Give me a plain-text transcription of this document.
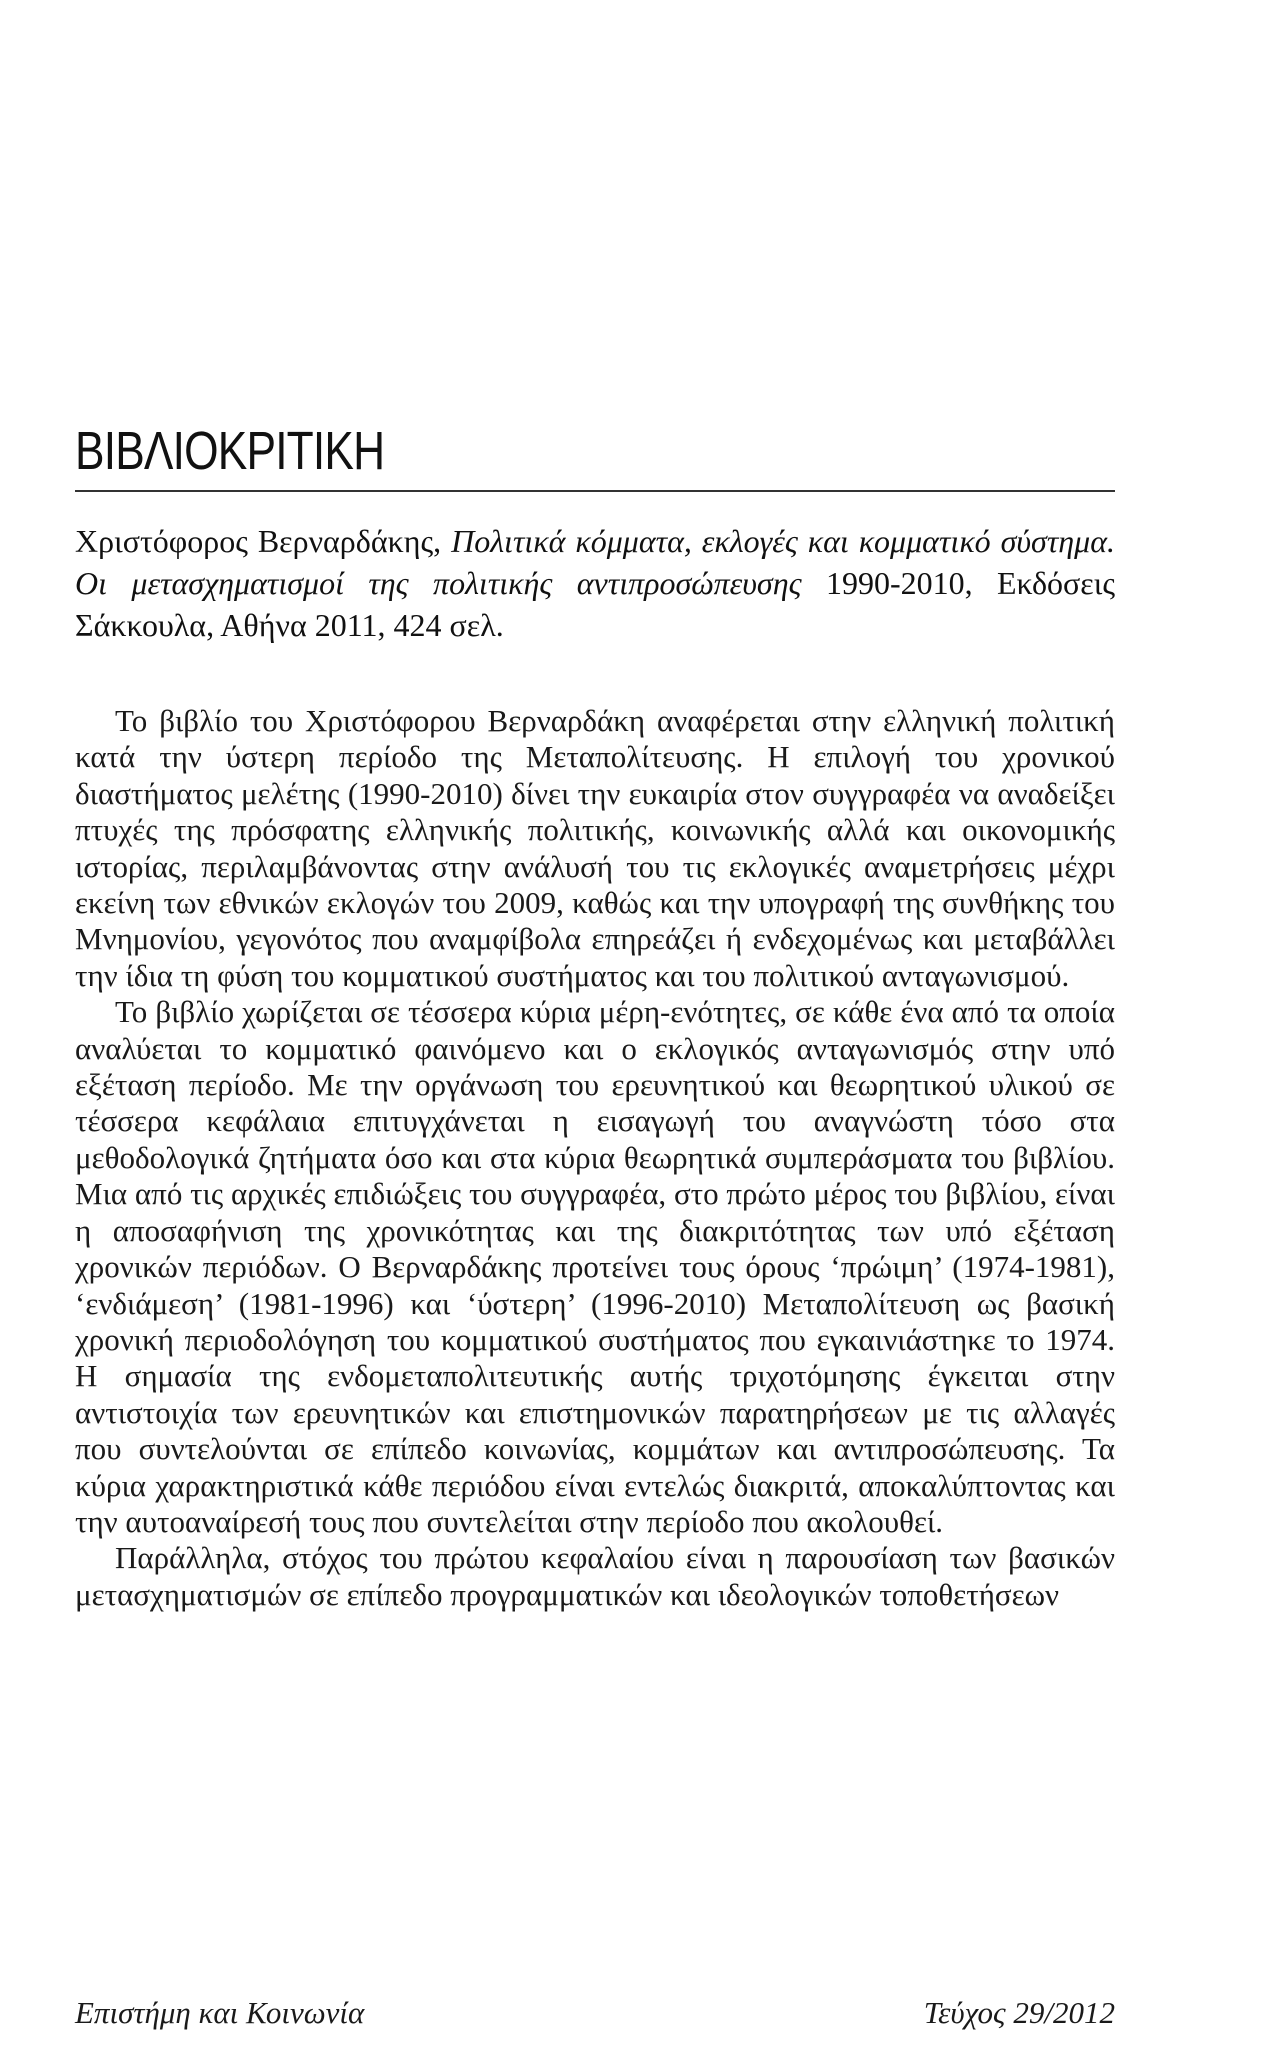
ΒΙΒΛΙΟΚΡΙΤΙΚΗ

Χριστόφορος Βερναρδάκης, Πολιτικά κόμματα, εκλογές και κομματικό σύστημα. Οι μετασχηματισμοί της πολιτικής αντιπροσώπευσης 1990-2010, Εκδόσεις Σάκκουλα, Αθήνα 2011, 424 σελ.

Το βιβλίο του Χριστόφορου Βερναρδάκη αναφέρεται στην ελληνική πολιτική κατά την ύστερη περίοδο της Μεταπολίτευσης. Η επιλογή του χρονικού διαστήματος μελέτης (1990-2010) δίνει την ευκαιρία στον συγγραφέα να αναδείξει πτυχές της πρόσφατης ελληνικής πολιτικής, κοινωνικής αλλά και οικονομικής ιστορίας, περιλαμβάνοντας στην ανάλυσή του τις εκλογικές αναμετρήσεις μέχρι εκείνη των εθνικών εκλογών του 2009, καθώς και την υπογραφή της συνθήκης του Μνημονίου, γεγονότος που αναμφίβολα επηρεάζει ή ενδεχομένως και μεταβάλλει την ίδια τη φύση του κομματικού συστήματος και του πολιτικού ανταγωνισμού.

Το βιβλίο χωρίζεται σε τέσσερα κύρια μέρη-ενότητες, σε κάθε ένα από τα οποία αναλύεται το κομματικό φαινόμενο και ο εκλογικός ανταγωνισμός στην υπό εξέταση περίοδο. Με την οργάνωση του ερευνητικού και θεωρητικού υλικού σε τέσσερα κεφάλαια επιτυγχάνεται η εισαγωγή του αναγνώστη τόσο στα μεθοδολογικά ζητήματα όσο και στα κύρια θεωρητικά συμπεράσματα του βιβλίου. Μια από τις αρχικές επιδιώξεις του συγγραφέα, στο πρώτο μέρος του βιβλίου, είναι η αποσαφήνιση της χρονικότητας και της διακριτότητας των υπό εξέταση χρονικών περιόδων. Ο Βερναρδάκης προτείνει τους όρους ‘πρώιμη’ (1974-1981), ‘ενδιάμεση’ (1981-1996) και ‘ύστερη’ (1996-2010) Μεταπολίτευση ως βασική χρονική περιοδολόγηση του κομματικού συστήματος που εγκαινιάστηκε το 1974. Η σημασία της ενδομεταπολιτευτικής αυτής τριχοτόμησης έγκειται στην αντιστοιχία των ερευνητικών και επιστημονικών παρατηρήσεων με τις αλλαγές που συντελούνται σε επίπεδο κοινωνίας, κομμάτων και αντιπροσώπευσης. Τα κύρια χαρακτηριστικά κάθε περιόδου είναι εντελώς διακριτά, αποκαλύπτοντας και την αυτοαναίρεσή τους που συντελείται στην περίοδο που ακολουθεί.

Παράλληλα, στόχος του πρώτου κεφαλαίου είναι η παρουσίαση των βασικών μετασχηματισμών σε επίπεδο προγραμματικών και ιδεολογικών τοποθετήσεων

Επιστήμη και Κοινωνία	Τεύχος 29/2012
